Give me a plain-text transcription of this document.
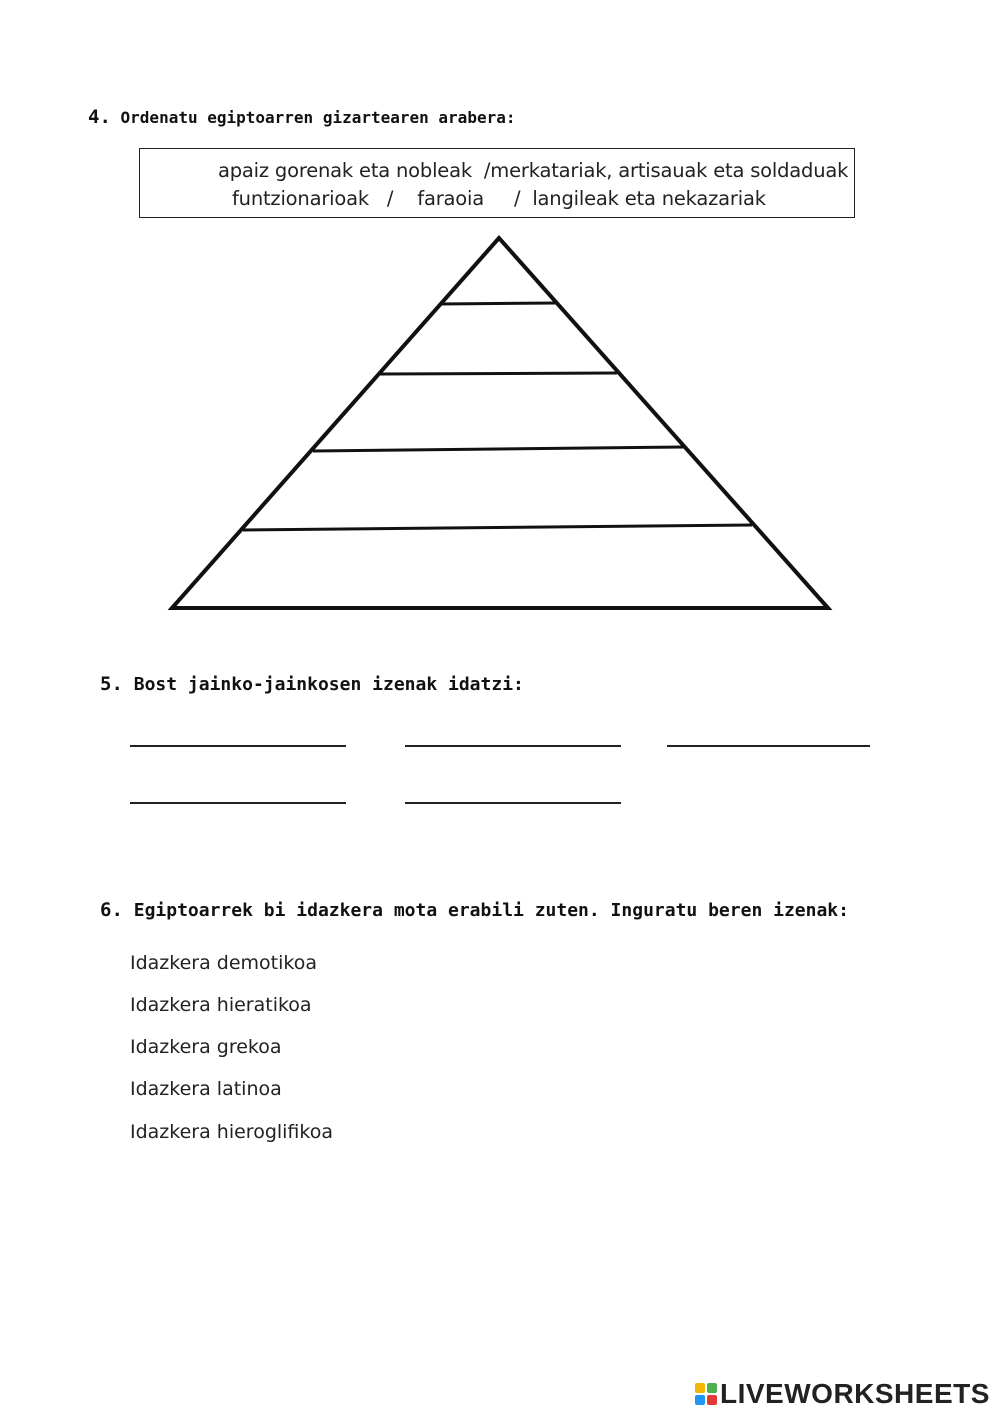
4. Ordenatu egiptoarren gizartearen arabera:
apaiz gorenak eta nobleak  /merkatariak, artisauak eta soldaduak
funtzionarioak   /    faraoia     /  langileak eta nekazariak
5. Bost jainko-jainkosen izenak idatzi:
6. Egiptoarrek bi idazkera mota erabili zuten. Inguratu beren izenak:
Idazkera demotikoa
Idazkera hieratikoa
Idazkera grekoa
Idazkera latinoa
Idazkera hieroglifikoa
LIVEWORKSHEETS
